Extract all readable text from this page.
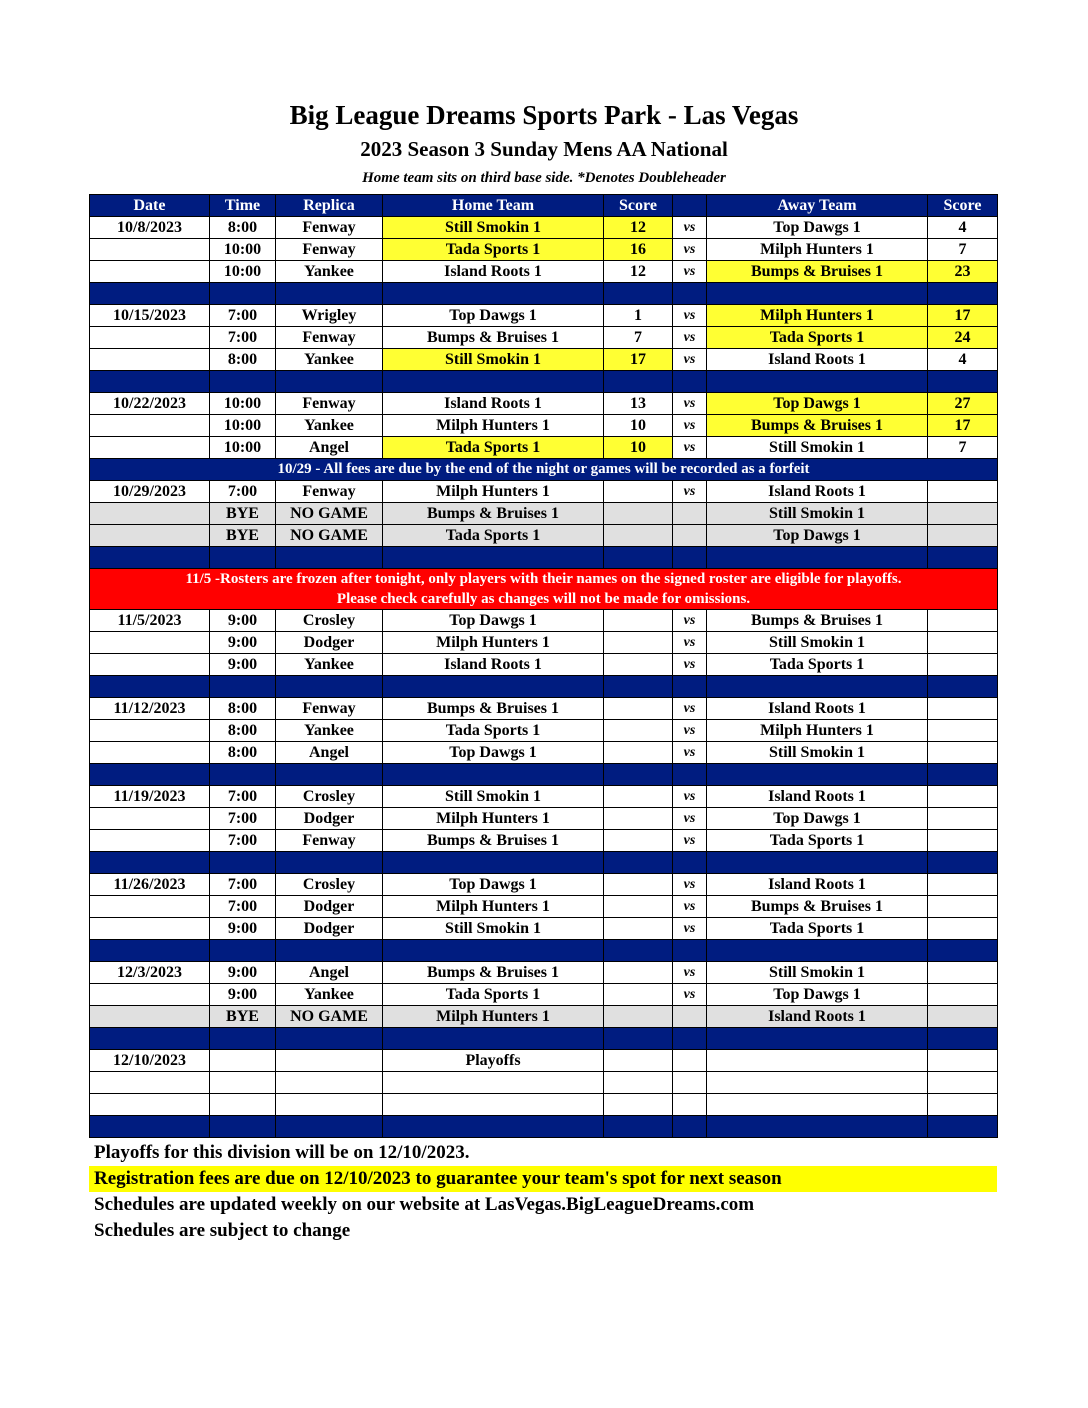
Big League Dreams Sports Park - Las Vegas
2023 Season 3 Sunday Mens AA National
Home team sits on third base side. *Denotes Doubleheader
Date	Time	Replica	Home Team	Score		Away Team	Score
10/8/2023	8:00	Fenway	Still Smokin 1	12	vs	Top Dawgs 1	4
	10:00	Fenway	Tada Sports 1	16	vs	Milph Hunters 1	7
	10:00	Yankee	Island Roots 1	12	vs	Bumps & Bruises 1	23

10/15/2023	7:00	Wrigley	Top Dawgs 1	1	vs	Milph Hunters 1	17
	7:00	Fenway	Bumps & Bruises 1	7	vs	Tada Sports 1	24
	8:00	Yankee	Still Smokin 1	17	vs	Island Roots 1	4

10/22/2023	10:00	Fenway	Island Roots 1	13	vs	Top Dawgs 1	27
	10:00	Yankee	Milph Hunters 1	10	vs	Bumps & Bruises 1	17
	10:00	Angel	Tada Sports 1	10	vs	Still Smokin 1	7

10/29 - All fees are due by the end of the night or games will be recorded as a forfeit							

10/29/2023	7:00	Fenway	Milph Hunters 1		vs	Island Roots 1	
	BYE	NO GAME	Bumps & Bruises 1			Still Smokin 1	
	BYE	NO GAME	Tada Sports 1			Top Dawgs 1	

11/5 -Rosters are frozen after tonight, only players with their names on the signed roster are eligible for playoffs.
Please check carefully as changes will not be made for omissions.							

11/5/2023	9:00	Crosley	Top Dawgs 1		vs	Bumps & Bruises 1	
	9:00	Dodger	Milph Hunters 1		vs	Still Smokin 1	
	9:00	Yankee	Island Roots 1		vs	Tada Sports 1	

11/12/2023	8:00	Fenway	Bumps & Bruises 1		vs	Island Roots 1	
	8:00	Yankee	Tada Sports 1		vs	Milph Hunters 1	
	8:00	Angel	Top Dawgs 1		vs	Still Smokin 1	

11/19/2023	7:00	Crosley	Still Smokin 1		vs	Island Roots 1	
	7:00	Dodger	Milph Hunters 1		vs	Top Dawgs 1	
	7:00	Fenway	Bumps & Bruises 1		vs	Tada Sports 1	

11/26/2023	7:00	Crosley	Top Dawgs 1		vs	Island Roots 1	
	7:00	Dodger	Milph Hunters 1		vs	Bumps & Bruises 1	
	9:00	Dodger	Still Smokin 1		vs	Tada Sports 1	

12/3/2023	9:00	Angel	Bumps & Bruises 1		vs	Still Smokin 1	
	9:00	Yankee	Tada Sports 1		vs	Top Dawgs 1	
	BYE	NO GAME	Milph Hunters 1			Island Roots 1	

12/10/2023			Playoffs				

Playoffs for this division will be on 12/10/2023.
Registration fees are due on 12/10/2023 to guarantee your team's spot for next season
Schedules are updated weekly on our website at LasVegas.BigLeagueDreams.com
Schedules are subject to change
